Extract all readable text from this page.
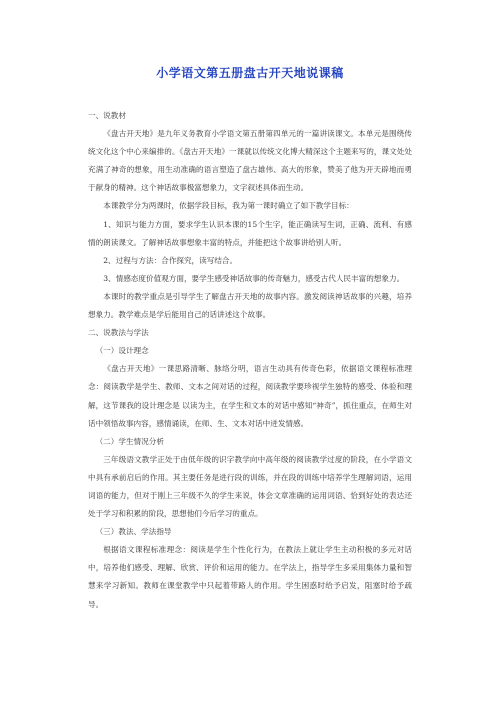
小学语文第五册盘古开天地说课稿

一、说教材

《盘古开天地》是九年义务教育小学语文第五册第四单元的一篇讲读课文。本单元是围绕传统文化这个中心来编排的。《盘古开天地》一课就以传统文化博大精深这个主题来写的，课文处处充满了神奇的想象，用生动准确的语言塑造了盘古雄伟、高大的形象，赞美了他为开天辟地而勇于献身的精神。这个神话故事极富想象力，文字叙述具体而生动。

本课教学分为两课时，依据学段目标，我为第一课时确立了如下教学目标：

1、知识与能力方面，要求学生认识本课的15个生字，能正确读写生词，正确、流利、有感情的朗读课文。了解神话故事想象丰富的特点，并能把这个故事讲给别人听。

2、过程与方法：合作探究，读写结合。

3、情感态度价值观方面，要学生感受神话故事的传奇魅力，感受古代人民丰富的想象力。

本课时的教学重点是引导学生了解盘古开天地的故事内容。激发阅读神话故事的兴趣，培养想象力。教学难点是学后能用自己的话讲述这个故事。

二、说教法与学法

（一）设计理念

《盘古开天地》一课思路清晰、脉络分明，语言生动具有传奇色彩，依据语文课程标准理念：阅读教学是学生、教师、文本之间对话的过程，阅读教学要珍视学生独特的感受、体验和理解，这节课我的设计理念是 以读为主，在学生和文本的对话中感知“神奇”，抓住重点，在师生对话中领悟故事内容，感情诵读，在师、生、文本对话中迸发情感。

（二）学生情况分析

三年级语文教学正处于由低年级的识字教学向中高年级的阅读教学过度的阶段，在小学语文中具有承前启后的作用。其主要任务是进行段的训练，并在段的训练中培养学生理解词语，运用词语的能力，但对于刚上三年级不久的学生来说，体会文章准确的运用词语、恰到好处的表达还处于学习和积累的阶段，思想他们今后学习的重点。

（三）教法、学法指导

根据语文课程标准理念：阅读是学生个性化行为，在教法上就让学生主动积极的多元对话中，培养他们感受、理解、欣赏、评价和运用的能力。在学法上，指导学生多采用集体力量和智慧来学习新知。教师在课堂教学中只起着带路人的作用。学生困惑时给予启发，阻塞时给予疏导。
